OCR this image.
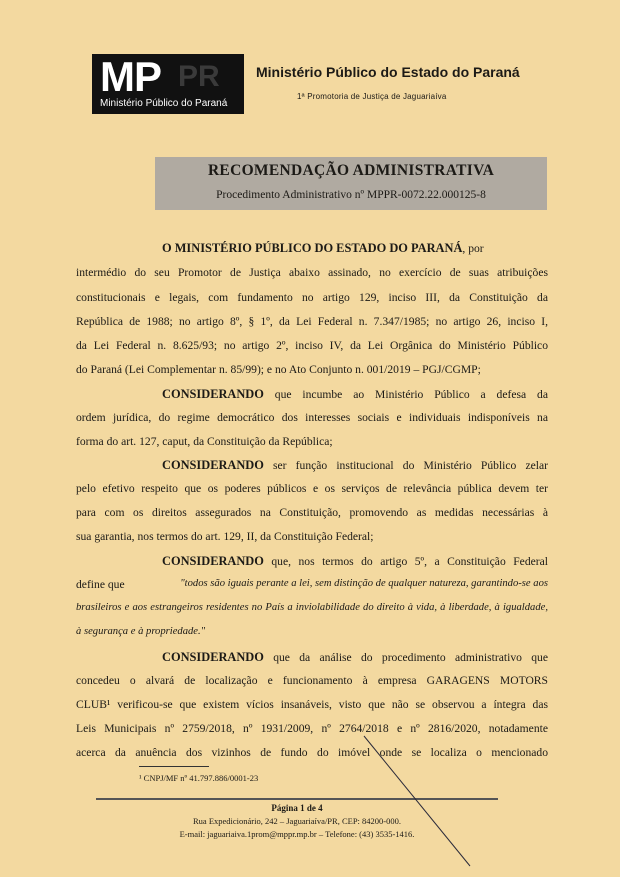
MP PR
Ministério Público do Paraná
Ministério Público do Estado do Paraná
1ª Promotoria de Justiça de Jaguariaíva
RECOMENDAÇÃO ADMINISTRATIVA
Procedimento Administrativo nº MPPR-0072.22.000125-8
O MINISTÉRIO PÚBLICO DO ESTADO DO PARANÁ, por
intermédio do seu Promotor de Justiça abaixo assinado, no exercício de suas atribuições
constitucionais e legais, com fundamento no artigo 129, inciso III, da Constituição da
República de 1988; no artigo 8º, § 1º, da Lei Federal n. 7.347/1985; no artigo 26, inciso I,
da Lei Federal n. 8.625/93; no artigo 2º, inciso IV, da Lei Orgânica do Ministério Público
do Paraná (Lei Complementar n. 85/99); e no Ato Conjunto n. 001/2019 – PGJ/CGMP;
CONSIDERANDO que incumbe ao Ministério Público a defesa da
ordem jurídica, do regime democrático dos interesses sociais e individuais indisponíveis na
forma do art. 127, caput, da Constituição da República;
CONSIDERANDO ser função institucional do Ministério Público zelar
pelo efetivo respeito que os poderes públicos e os serviços de relevância pública devem ter
para com os direitos assegurados na Constituição, promovendo as medidas necessárias à
sua garantia, nos termos do art. 129, II, da Constituição Federal;
CONSIDERANDO que, nos termos do artigo 5º, a Constituição Federal
define que	"todos são iguais perante a lei, sem distinção de qualquer natureza, garantindo-se aos
brasileiros e aos estrangeiros residentes no País a inviolabilidade do direito à vida, à liberdade, à igualdade,
à segurança e à propriedade."
CONSIDERANDO que da análise do procedimento administrativo que
concedeu o alvará de localização e funcionamento à empresa GARAGENS MOTORS
CLUB¹ verificou-se que existem vícios insanáveis, visto que não se observou a íntegra das
Leis Municipais nº 2759/2018, nº 1931/2009, nº 2764/2018 e nº 2816/2020, notadamente
acerca da anuência dos vizinhos de fundo do imóvel onde se localiza o mencionado
¹ CNPJ/MF nº 41.797.886/0001-23
Página 1 de 4
Rua Expedicionário, 242 – Jaguariaíva/PR, CEP: 84200-000.
E-mail: jaguariaiva.1prom@mppr.mp.br – Telefone: (43) 3535-1416.
